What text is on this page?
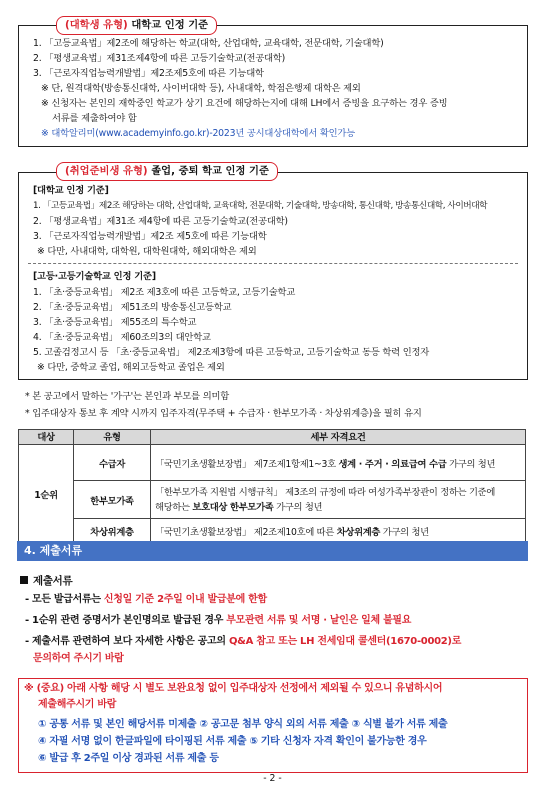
(대학생 유형) 대학교 인정 기준
1. 「고등교육법」제2조에 해당하는 학교(대학, 산업대학, 교육대학, 전문대학, 기술대학)
2. 「평생교육법」제31조제4항에 따른 고등기술학교(전공대학)
3. 「근로자직업능력개발법」제2조제5호에 따른 기능대학
※ 단, 원격대학(방송통신대학, 사이버대학 등), 사내대학, 학점은행제 대학은 제외
※ 신청자는 본인의 재학중인 학교가 상기 요건에 해당하는지에 대해 LH에서 증빙을 요구하는 경우 증빙
서류를 제출하여야 함
※ 대학알리미(www.academyinfo.go.kr)-2023년 공시대상대학에서 확인가능
(취업준비생 유형) 졸업, 중퇴 학교 인정 기준
[대학교 인정 기준]
1. 「고등교육법」제2조 해당하는 대학, 산업대학, 교육대학, 전문대학, 기술대학, 방송대학, 통신대학, 방송통신대학, 사이버대학
2. 「평생교육법」제31조 제4항에 따른 고등기술학교(전공대학)
3. 「근로자직업능력개발법」제2조 제5호에 따른 기능대학
※ 다만, 사내대학, 대학원, 대학원대학, 해외대학은 제외
[고등·고등기술학교 인정 기준]
1. 「초·중등교육법」 제2조 제3호에 따른 고등학교, 고등기술학교
2. 「초·중등교육법」 제51조의 방송통신고등학교
3. 「초·중등교육법」 제55조의 특수학교
4. 「초·중등교육법」 제60조의3의 대안학교
5. 고졸검정고시 등 「초·중등교육법」 제2조제3항에 따른 고등학교, 고등기술학교 동등 학력 인정자
※ 다만, 중학교 졸업, 해외고등학교 졸업은 제외
* 본 공고에서 말하는 '가구'는 본인과 부모를 의미함
* 입주대상자 통보 후 계약 시까지 입주자격(무주택 + 수급자 · 한부모가족 · 차상위계층)을 필히 유지
대상	유형	세부 자격요건
1순위	수급자	「국민기초생활보장법」 제7조제1항제1~3호 생계 · 주거 · 의료급여 수급 가구의 청년
	한부모가족	「한부모가족 지원법 시행규칙」 제3조의 규정에 따라 여성가족부장관이 정하는 기준에
해당하는 보호대상 한부모가족 가구의 청년

	차상위계층	「국민기초생활보장법」 제2조제10호에 따른 차상위계층 가구의 청년
4. 제출서류
제출서류
- 모든 발급서류는 신청일 기준 2주일 이내 발급분에 한함
- 1순위 관련 증명서가 본인명의로 발급된 경우 부모관련 서류 및 서명 · 날인은 일체 불필요
- 제출서류 관련하여 보다 자세한 사항은 공고의 Q&A 참고 또는 LH 전세임대 콜센터(1670-0002)로
문의하여 주시기 바람
※ (중요) 아래 사항 해당 시 별도 보완요청 없이 입주대상자 선정에서 제외될 수 있으니 유념하시어
제출해주시기 바람
① 공통 서류 및 본인 해당서류 미제출 ② 공고문 첨부 양식 외의 서류 제출 ③ 식별 불가 서류 제출
④ 자필 서명 없이 한글파일에 타이핑된 서류 제출 ⑤ 기타 신청자 자격 확인이 불가능한 경우
⑥ 발급 후 2주일 이상 경과된 서류 제출 등
- 2 -
